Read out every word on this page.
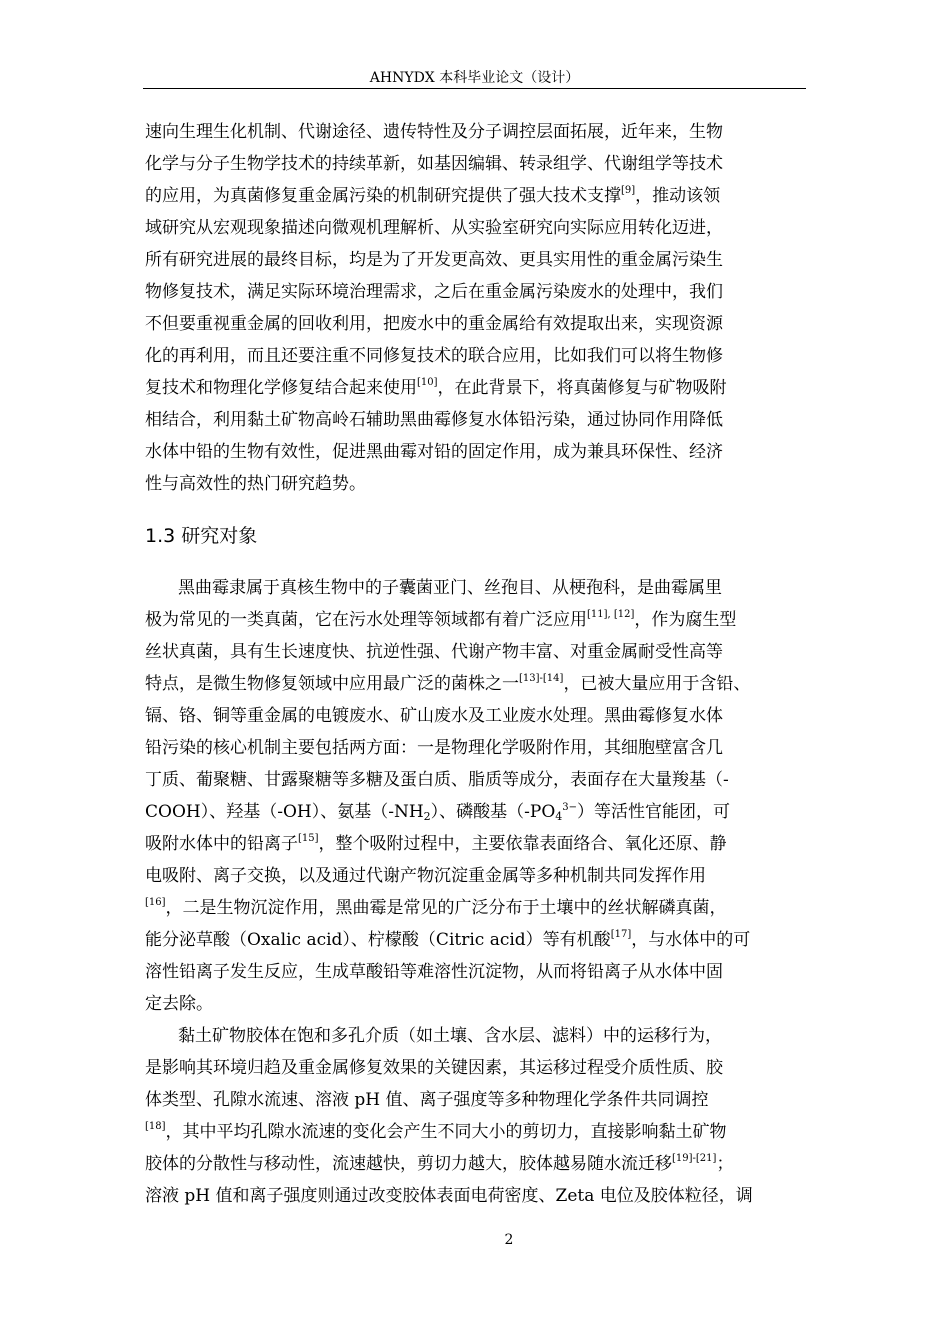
AHNYDX 本科毕业论文（设计）
速向生理生化机制、代谢途径、遗传特性及分子调控层面拓展，近年来，生物
化学与分子生物学技术的持续革新，如基因编辑、转录组学、代谢组学等技术
的应用，为真菌修复重金属污染的机制研究提供了强大技术支撑[9]，推动该领
域研究从宏观现象描述向微观机理解析、从实验室研究向实际应用转化迈进，
所有研究进展的最终目标，均是为了开发更高效、更具实用性的重金属污染生
物修复技术，满足实际环境治理需求，之后在重金属污染废水的处理中，我们
不但要重视重金属的回收利用，把废水中的重金属给有效提取出来，实现资源
化的再利用，而且还要注重不同修复技术的联合应用，比如我们可以将生物修
复技术和物理化学修复结合起来使用[10]，在此背景下，将真菌修复与矿物吸附
相结合，利用黏土矿物高岭石辅助黑曲霉修复水体铅污染，通过协同作用降低
水体中铅的生物有效性，促进黑曲霉对铅的固定作用，成为兼具环保性、经济
性与高效性的热门研究趋势。
1.3 研究对象
黑曲霉隶属于真核生物中的子囊菌亚门、丝孢目、从梗孢科，是曲霉属里
极为常见的一类真菌，它在污水处理等领域都有着广泛应用[11], [12]，作为腐生型
丝状真菌，具有生长速度快、抗逆性强、代谢产物丰富、对重金属耐受性高等
特点，是微生物修复领域中应用最广泛的菌株之一[13]-[14]，已被大量应用于含铅、
镉、铬、铜等重金属的电镀废水、矿山废水及工业废水处理。黑曲霉修复水体
铅污染的核心机制主要包括两方面：一是物理化学吸附作用，其细胞壁富含几
丁质、葡聚糖、甘露聚糖等多糖及蛋白质、脂质等成分，表面存在大量羧基（-
COOH）、羟基（-OH）、氨基$(-NH_2)$、磷酸基$(-PO_4^{3-})$等活性官能团，可
吸附水体中的铅离子[15]，整个吸附过程中，主要依靠表面络合、氧化还原、静
电吸附、离子交换，以及通过代谢产物沉淀重金属等多种机制共同发挥作用
[16]，二是生物沉淀作用，黑曲霉是常见的广泛分布于土壤中的丝状解磷真菌，
能分泌草酸（Oxalic acid）、柠檬酸（Citric acid）等有机酸[17]，与水体中的可
溶性铅离子发生反应，生成草酸铅等难溶性沉淀物，从而将铅离子从水体中固
定去除。
黏土矿物胶体在饱和多孔介质（如土壤、含水层、滤料）中的运移行为，
是影响其环境归趋及重金属修复效果的关键因素，其运移过程受介质性质、胶
体类型、孔隙水流速、溶液 pH 值、离子强度等多种物理化学条件共同调控
[18]，其中平均孔隙水流速的变化会产生不同大小的剪切力，直接影响黏土矿物
胶体的分散性与移动性，流速越快，剪切力越大，胶体越易随水流迁移[19]-[21]；
溶液 pH 值和离子强度则通过改变胶体表面电荷密度、Zeta 电位及胶体粒径，调
2
